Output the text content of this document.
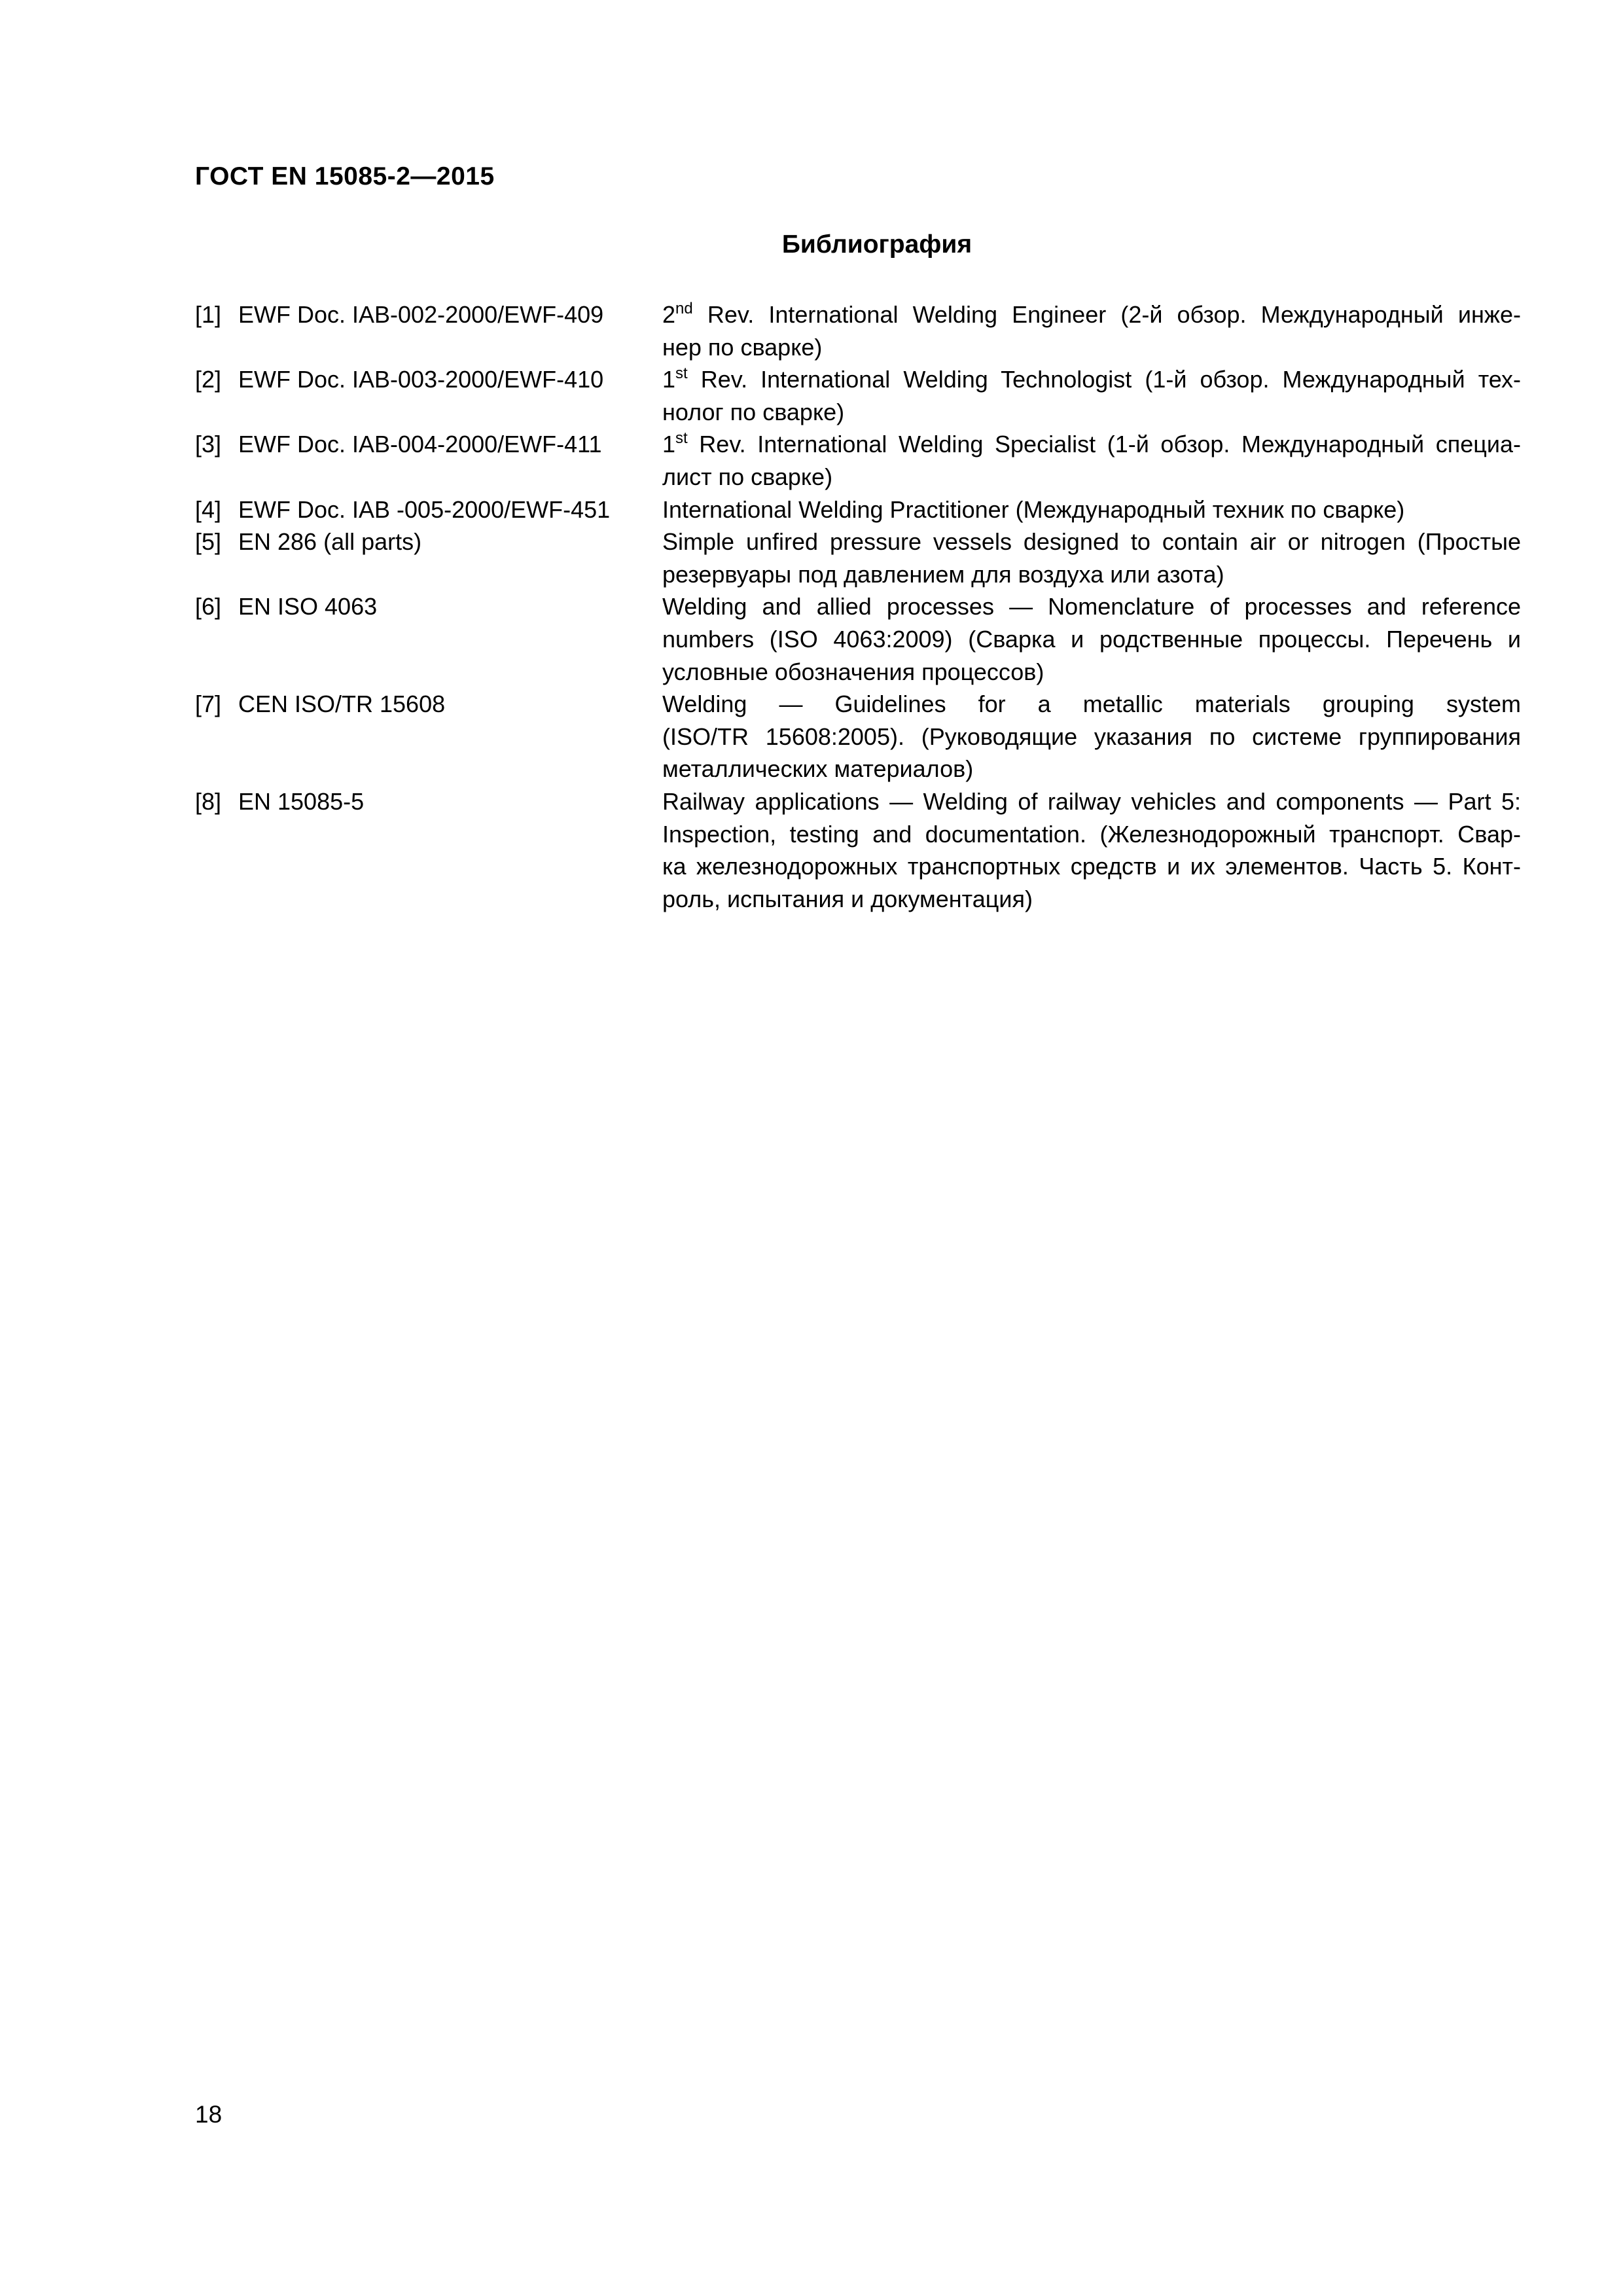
ГОСТ EN 15085-2—2015
Библиография
[1] EWF Doc. IAB-002-2000/EWF-409	2nd Rev. International Welding Engineer (2-й обзор. Международный инже-
нер по сварке)
[2] EWF Doc. IAB-003-2000/EWF-410	1st Rev. International Welding Technologist (1-й обзор. Международный тех-
нолог по сварке)
[3] EWF Doc. IAB-004-2000/EWF-411	1st Rev. International Welding Specialist (1-й обзор. Международный специа-
лист по сварке)
[4] EWF Doc. IAB -005-2000/EWF-451	International Welding Practitioner (Международный техник по сварке)
[5] EN 286 (all parts)	Simple unfired pressure vessels designed to contain air or nitrogen (Простые
резервуары под давлением для воздуха или азота)
[6] EN ISO 4063	Welding and allied processes — Nomenclature of processes and reference
numbers (ISO 4063:2009) (Сварка и родственные процессы. Перечень и
условные обозначения процессов)
[7] CEN ISO/TR 15608	Welding — Guidelines for a metallic materials grouping system
(ISO/TR 15608:2005). (Руководящие указания по системе группирования
металлических материалов)
[8] EN 15085-5	Railway applications — Welding of railway vehicles and components — Part 5:
Inspection, testing and documentation. (Железнодорожный транспорт. Свар-
ка железнодорожных транспортных средств и их элементов. Часть 5. Конт-
роль, испытания и документация)
18
